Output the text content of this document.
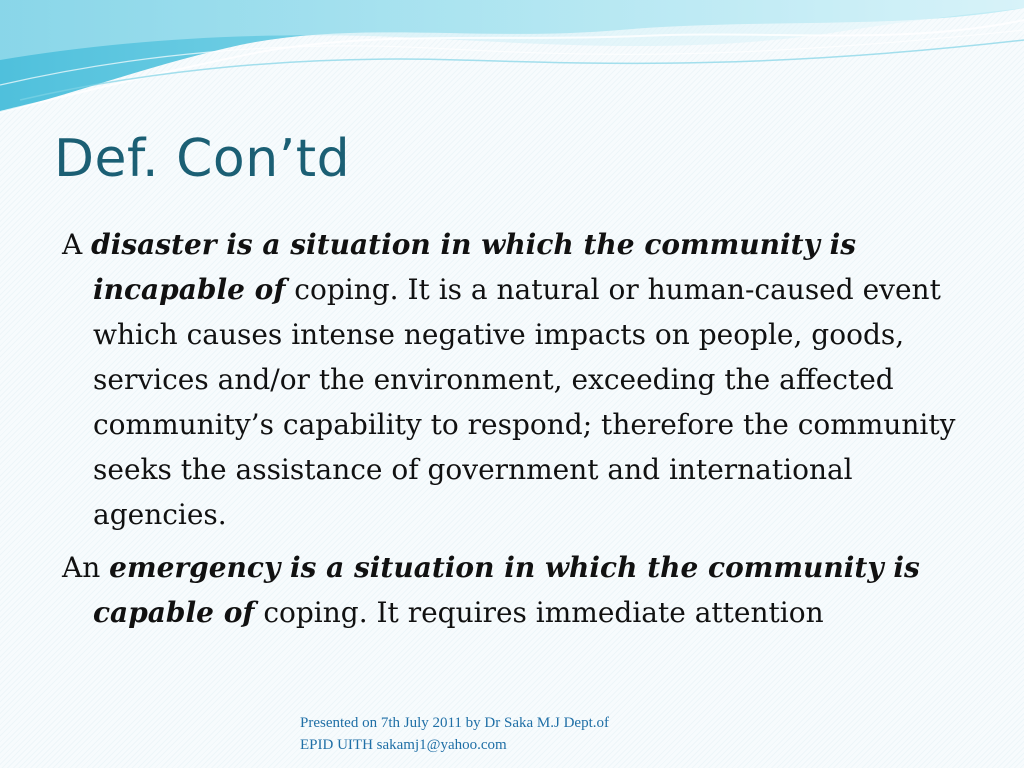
Def. Con’td

A disaster is a situation in which the community is incapable of coping. It is a natural or human-caused event which causes intense negative impacts on people, goods, services and/or the environment, exceeding the affected community’s capability to respond; therefore the community seeks the assistance of government and international agencies.

An emergency is a situation in which the community is capable of coping. It requires immediate attention

Presented on 7th July 2011 by Dr Saka M.J Dept.of
EPID UITH sakamj1@yahoo.com
